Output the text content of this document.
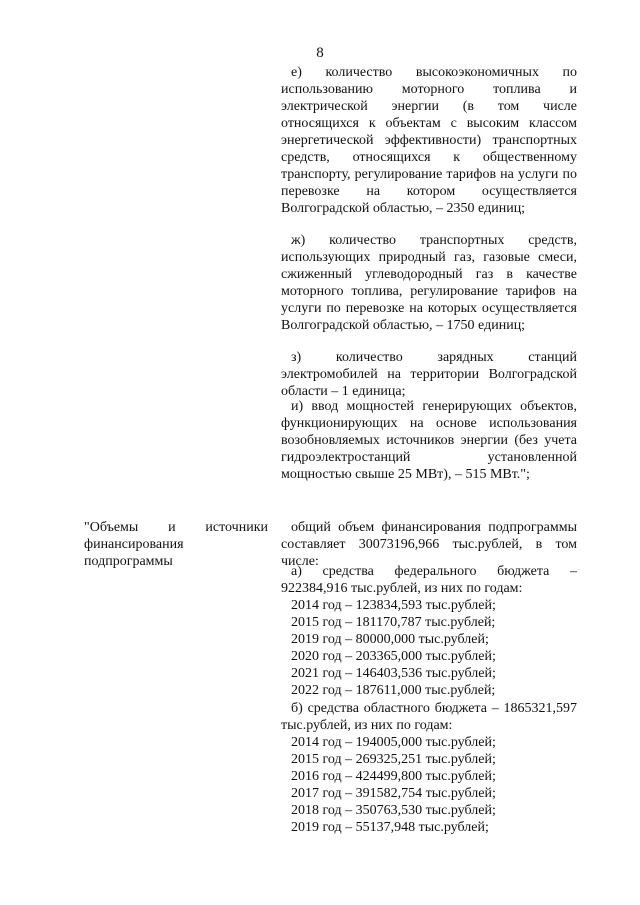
8

е) количество высокоэкономичных по использованию моторного топлива и электрической энергии (в том числе относящихся к объектам с высоким классом энергетической эффективности) транспортных средств, относящихся к общественному транспорту, регулирование тарифов на услуги по перевозке на котором осуществляется Волгоградской областью, – 2350 единиц;

ж) количество транспортных средств, использующих природный газ, газовые смеси, сжиженный углеводородный газ в качестве моторного топлива, регулирование тарифов на услуги по перевозке на которых осуществляется Волгоградской областью, – 1750 единиц;

з) количество зарядных станций электромобилей на территории Волгоградской области – 1 единица;

и) ввод мощностей генерирующих объектов, функционирующих на основе использования возобновляемых источников энергии (без учета гидроэлектростанций установленной мощностью свыше 25 МВт), – 515 МВт.";

"Объемы и источники финансирования подпрограммы

общий объем финансирования подпрограммы составляет 30073196,966 тыс.рублей, в том числе:

а) средства федерального бюджета – 922384,916 тыс.рублей, из них по годам:

2014 год – 123834,593 тыс.рублей;

2015 год – 181170,787 тыс.рублей;

2019 год – 80000,000 тыс.рублей;

2020 год – 203365,000 тыс.рублей;

2021 год – 146403,536 тыс.рублей;

2022 год – 187611,000 тыс.рублей;

б) средства областного бюджета – 1865321,597 тыс.рублей, из них по годам:

2014 год – 194005,000 тыс.рублей;

2015 год – 269325,251 тыс.рублей;

2016 год – 424499,800 тыс.рублей;

2017 год – 391582,754 тыс.рублей;

2018 год – 350763,530 тыс.рублей;

2019 год – 55137,948 тыс.рублей;
